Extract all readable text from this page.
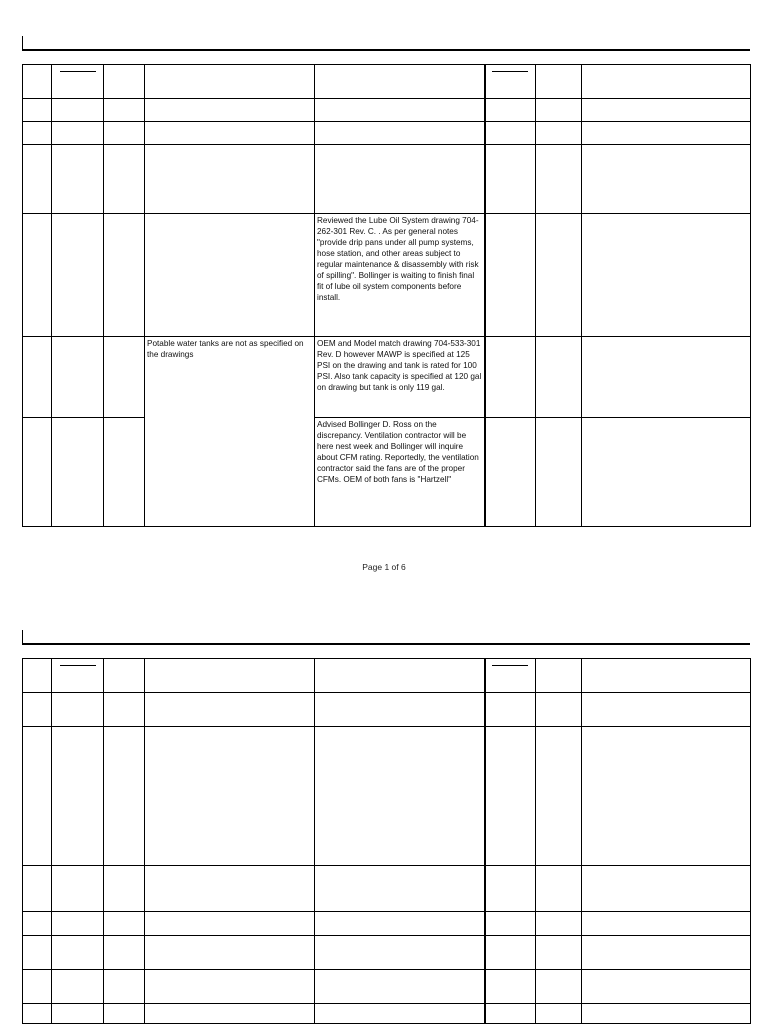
				Reviewed the Lube Oil System drawing 704-262-301 Rev. C. . As per general notes "provide drip pans under all pump systems, hose station, and other areas subject to regular maintenance & disassembly with risk of spilling". Bollinger is waiting to finish final fit of lube oil system components before install.			
			Potable water tanks are not as specified on the drawings	OEM and Model match drawing 704-533-301 Rev. D however MAWP is specified at 125 PSI on the drawing and tank is rated for 100 PSI. Also tank capacity is specified at 120 gal on drawing but tank is only 119 gal.			
				Advised Bollinger D. Ross on the discrepancy. Ventilation contractor will be here nest week and Bollinger will inquire about CFM rating. Reportedly, the ventilation contractor said the fans are of the proper CFMs. OEM of both fans is "Hartzell"			
Page 1 of 6
